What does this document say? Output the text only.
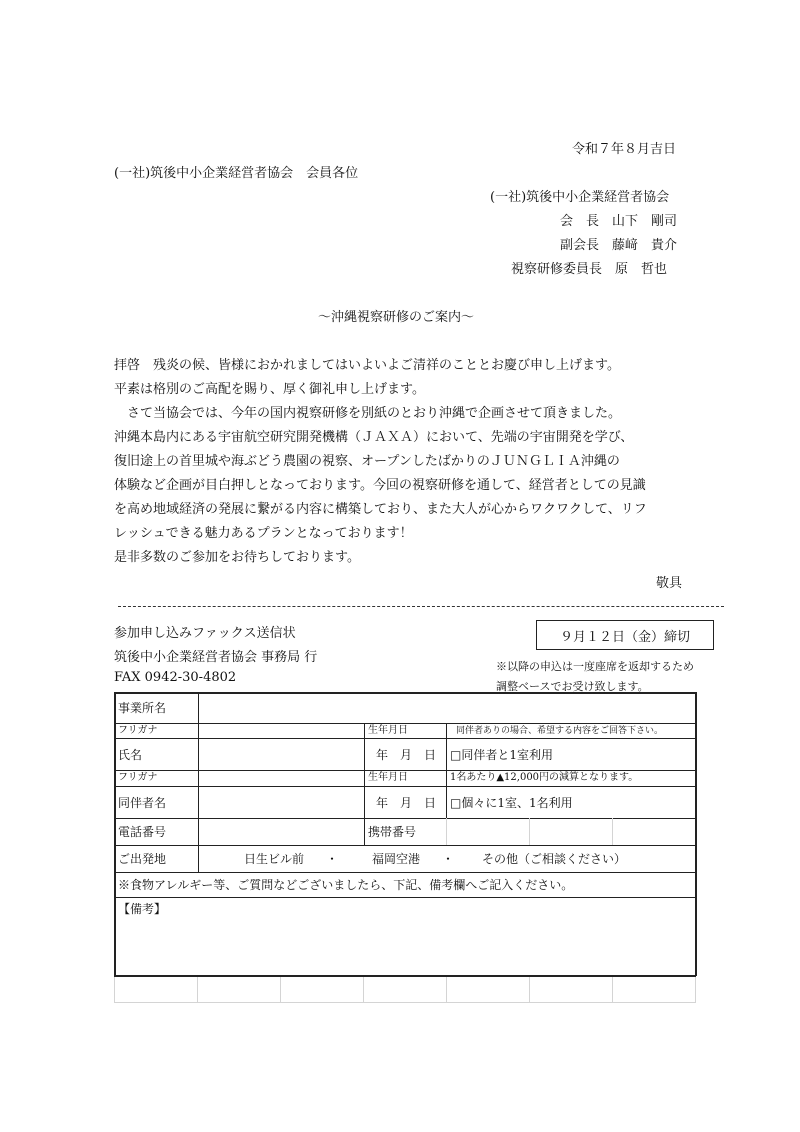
令和７年８月吉日
(一社)筑後中小企業経営者協会　会員各位
(一社)筑後中小企業経営者協会
会　長　山下　剛司
副会長　藤﨑　貴介
視察研修委員長　原　哲也
～沖縄視察研修のご案内～
拝啓　残炎の候、皆様におかれましてはいよいよご清祥のこととお慶び申し上げます。
平素は格別のご高配を賜り、厚く御礼申し上げます。
　さて当協会では、今年の国内視察研修を別紙のとおり沖縄で企画させて頂きました。
沖縄本島内にある宇宙航空研究開発機構（ＪＡＸＡ）において、先端の宇宙開発を学び、
復旧途上の首里城や海ぶどう農園の視察、オープンしたばかりのＪＵＮＧＬＩＡ沖縄の
体験など企画が目白押しとなっております。今回の視察研修を通して、経営者としての見識
を高め地域経済の発展に繋がる内容に構築しており、また大人が心からワクワクして、リフ
レッシュできる魅力あるプランとなっております！
是非多数のご参加をお待ちしております。
敬具
参加申し込みファックス送信状
筑後中小企業経営者協会 事務局 行
FAX 0942-30-4802
９月１２日（金）締切
※以降の申込は一度座席を返却するため
調整ベースでお受け致します。
事業所名
フリガナ	生年月日	同伴者ありの場合、希望する内容をご回答下さい。
氏名	年　月　日 □同伴者と1室利用
フリガナ	生年月日	1名あたり▲12,000円の減算となります。
同伴者名	年　月　日 □個々に1室、1名利用
電話番号	携帯番号
ご出発地	日生ビル前 ・	福岡空港 ・ その他（ご相談ください）
※食物アレルギー等、ご質問などございましたら、下記、備考欄へご記入ください。
【備考】
